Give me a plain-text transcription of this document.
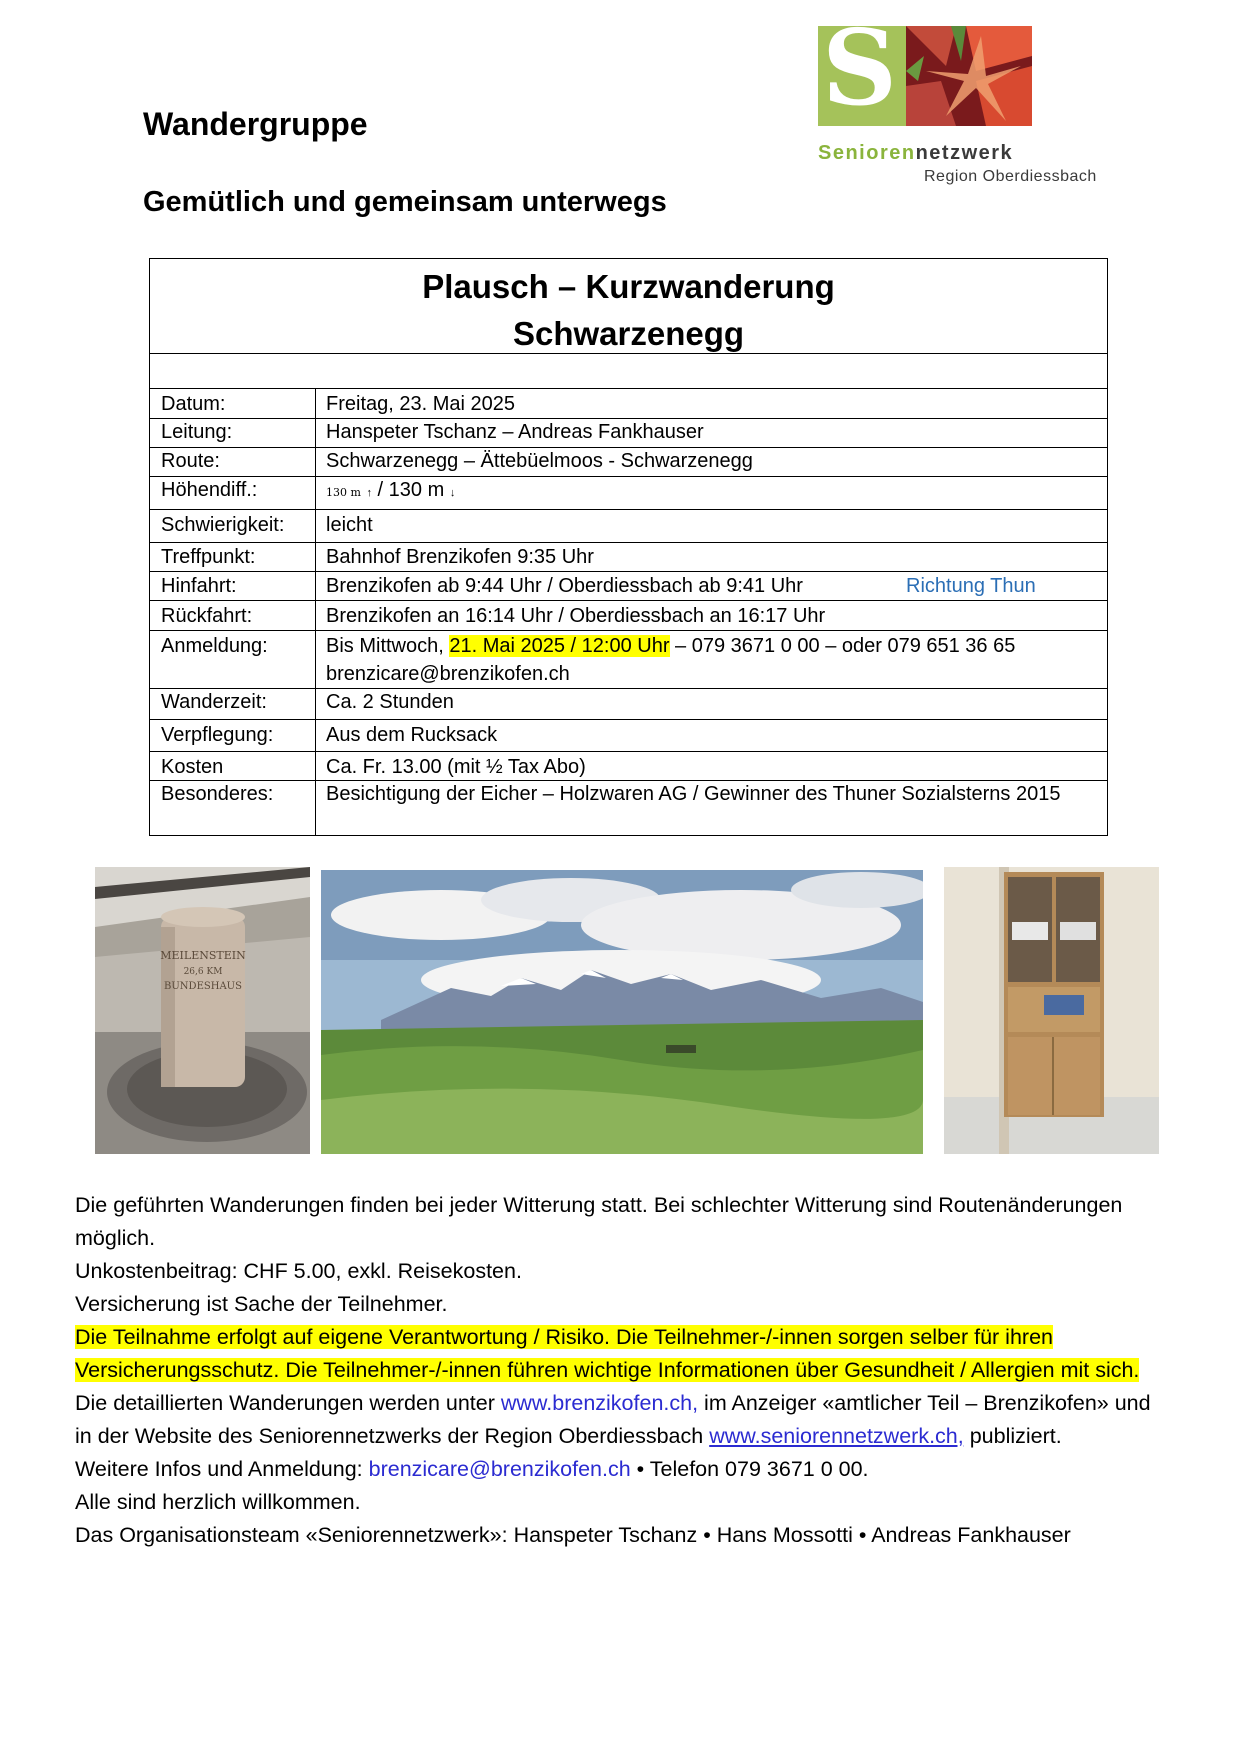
Wandergruppe
Gemütlich und gemeinsam unterwegs
S
Seniorennetzwerk
Region Oberdiessbach
Plausch – Kurzwanderung
Schwarzenegg
Datum:	Freitag, 23. Mai 2025
Leitung:	Hanspeter Tschanz – Andreas Fankhauser
Route:	Schwarzenegg – Ättebüelmoos - Schwarzenegg
Höhendiff.:	130 m ↑ / 130 m ↓
Schwierigkeit: leicht
Treffpunkt:	Bahnhof Brenzikofen 9:35 Uhr
Hinfahrt:	Brenzikofen ab 9:44 Uhr / Oberdiessbach ab 9:41 Uhr	Richtung Thun
Rückfahrt:	Brenzikofen an 16:14 Uhr / Oberdiessbach an 16:17 Uhr
Anmeldung:	Bis Mittwoch, 21. Mai 2025 / 12:00 Uhr – 079 3671 0 00 – oder 079 651 36 65
brenzicare@brenzikofen.ch
Wanderzeit:	Ca. 2 Stunden
Verpflegung:	Aus dem Rucksack
Kosten	Ca. Fr. 13.00 (mit ½ Tax Abo)
Besonderes:	Besichtigung der Eicher – Holzwaren AG / Gewinner des Thuner Sozialsterns 2015
MEILENSTEIN
26,6 KM
BUNDESHAUS

Die geführten Wanderungen finden bei jeder Witterung statt. Bei schlechter Witterung sind Routenänderungen möglich.

Unkostenbeitrag: CHF 5.00, exkl. Reisekosten.

Versicherung ist Sache der Teilnehmer.

Die Teilnahme erfolgt auf eigene Verantwortung / Risiko. Die Teilnehmer-/-innen sorgen selber für ihren Versicherungsschutz. Die Teilnehmer-/-innen führen wichtige Informationen über Gesundheit / Allergien mit sich.

Die detaillierten Wanderungen werden unter www.brenzikofen.ch, im Anzeiger «amtlicher Teil – Brenzikofen» und in der Website des Seniorennetzwerks der Region Oberdiessbach www.seniorennetzwerk.ch, publiziert.

Weitere Infos und Anmeldung: brenzicare@brenzikofen.ch • Telefon 079 3671 0 00.

Alle sind herzlich willkommen.

Das Organisationsteam «Seniorennetzwerk»: Hanspeter Tschanz • Hans Mossotti • Andreas Fankhauser
